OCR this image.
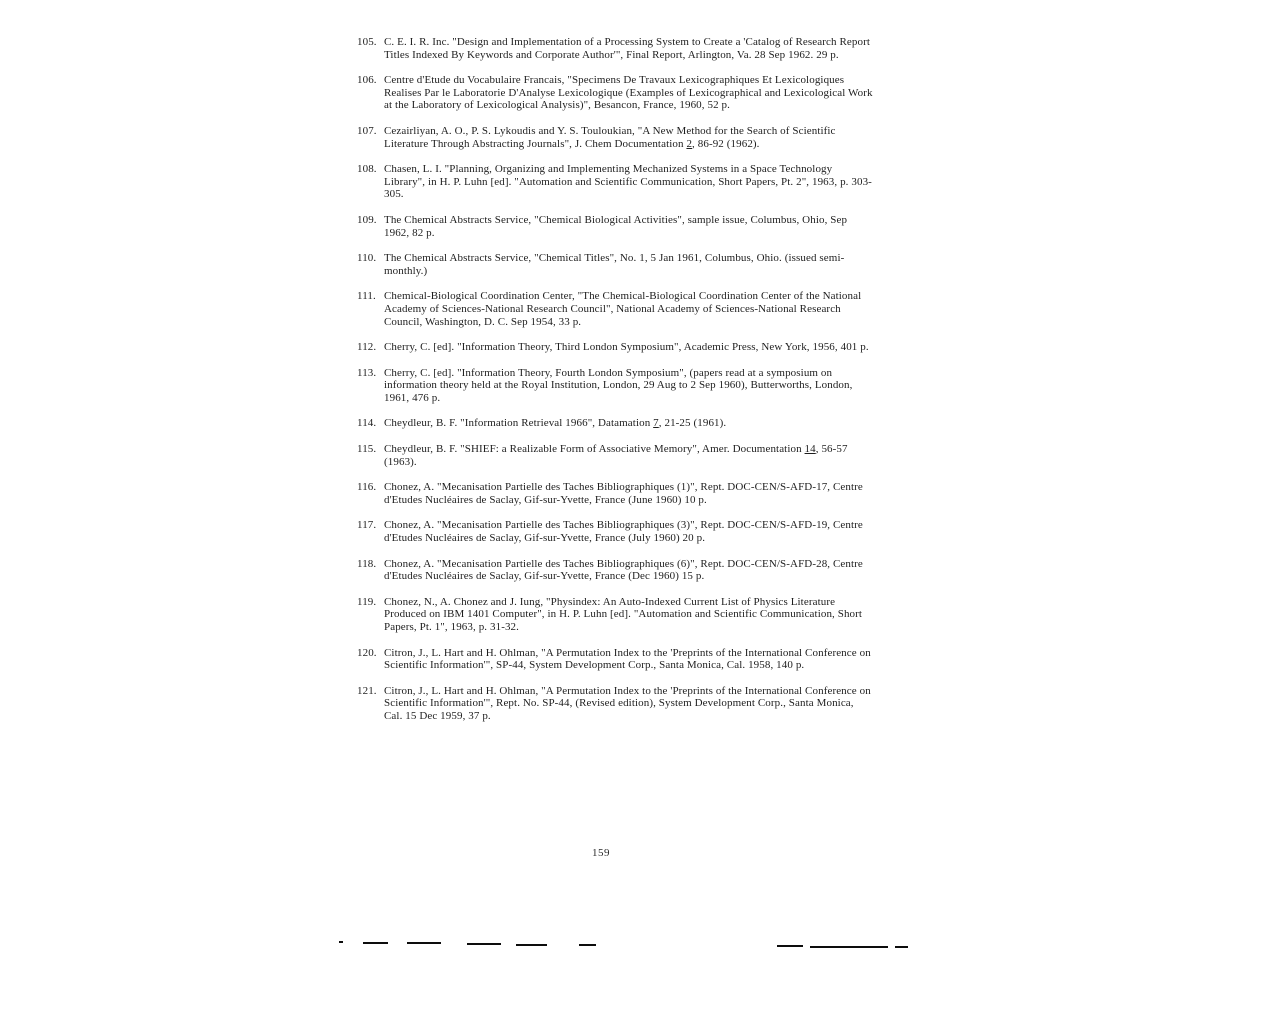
105. C. E. I. R. Inc. "Design and Implementation of a Processing System to Create a 'Catalog of Research Report Titles Indexed By Keywords and Corporate Author'", Final Report, Arlington, Va. 28 Sep 1962. 29 p.
106. Centre d'Etude du Vocabulaire Francais, "Specimens De Travaux Lexicographiques Et Lexicologiques Realises Par le Laboratorie D'Analyse Lexicologique (Examples of Lexicographical and Lexicological Work at the Laboratory of Lexicological Analysis)", Besancon, France, 1960, 52 p.
107. Cezairliyan, A. O., P. S. Lykoudis and Y. S. Touloukian, "A New Method for the Search of Scientific Literature Through Abstracting Journals", J. Chem Documentation 2, 86-92 (1962).
108. Chasen, L. I. "Planning, Organizing and Implementing Mechanized Systems in a Space Technology Library", in H. P. Luhn [ed]. "Automation and Scientific Communication, Short Papers, Pt. 2", 1963, p. 303-305.
109. The Chemical Abstracts Service, "Chemical Biological Activities", sample issue, Columbus, Ohio, Sep 1962, 82 p.
110. The Chemical Abstracts Service, "Chemical Titles", No. 1, 5 Jan 1961, Columbus, Ohio. (issued semi-monthly.)
111. Chemical-Biological Coordination Center, "The Chemical-Biological Coordination Center of the National Academy of Sciences-National Research Council", National Academy of Sciences-National Research Council, Washington, D. C. Sep 1954, 33 p.
112. Cherry, C. [ed]. "Information Theory, Third London Symposium", Academic Press, New York, 1956, 401 p.
113. Cherry, C. [ed]. "Information Theory, Fourth London Symposium", (papers read at a symposium on information theory held at the Royal Institution, London, 29 Aug to 2 Sep 1960), Butterworths, London, 1961, 476 p.
114. Cheydleur, B. F. "Information Retrieval 1966", Datamation 7, 21-25 (1961).
115. Cheydleur, B. F. "SHIEF: a Realizable Form of Associative Memory", Amer. Documentation 14, 56-57 (1963).
116. Chonez, A. "Mecanisation Partielle des Taches Bibliographiques (1)", Rept. DOC-CEN/S-AFD-17, Centre d'Etudes Nucléaires de Saclay, Gif-sur-Yvette, France (June 1960) 10 p.
117. Chonez, A. "Mecanisation Partielle des Taches Bibliographiques (3)", Rept. DOC-CEN/S-AFD-19, Centre d'Etudes Nucléaires de Saclay, Gif-sur-Yvette, France (July 1960) 20 p.
118. Chonez, A. "Mecanisation Partielle des Taches Bibliographiques (6)", Rept. DOC-CEN/S-AFD-28, Centre d'Etudes Nucléaires de Saclay, Gif-sur-Yvette, France (Dec 1960) 15 p.
119. Chonez, N., A. Chonez and J. Iung, "Physindex: An Auto-Indexed Current List of Physics Literature Produced on IBM 1401 Computer", in H. P. Luhn [ed]. "Automation and Scientific Communication, Short Papers, Pt. 1", 1963, p. 31-32.
120. Citron, J., L. Hart and H. Ohlman, "A Permutation Index to the 'Preprints of the International Conference on Scientific Information'", SP-44, System Development Corp., Santa Monica, Cal. 1958, 140 p.
121. Citron, J., L. Hart and H. Ohlman, "A Permutation Index to the 'Preprints of the International Conference on Scientific Information'", Rept. No. SP-44, (Revised edition), System Development Corp., Santa Monica, Cal. 15 Dec 1959, 37 p.
159
